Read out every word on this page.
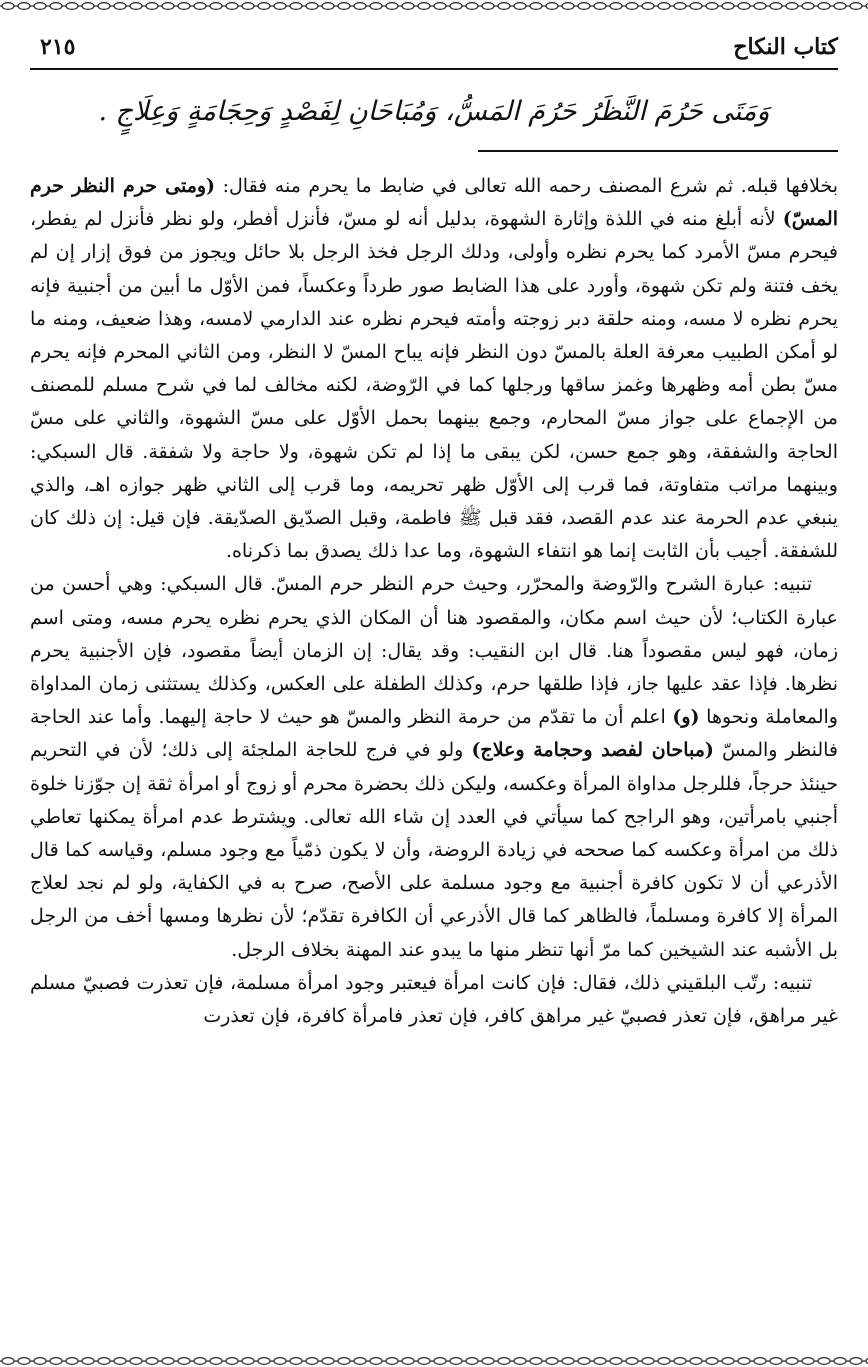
كتاب النكاح
٢١٥
وَمَتَى حَرُمَ النَّظَرُ حَرُمَ المَسُّ، وَمُبَاحَانِ لِفَصْدٍ وَحِجَامَةٍ وَعِلَاجٍ .

بخلافها قبله. ثم شرع المصنف رحمه الله تعالى في ضابط ما يحرم منه فقال: (ومتى حرم النظر حرم المسّ) لأنه أبلغ منه في اللذة وإثارة الشهوة، بدليل أنه لو مسّ، فأنزل أفطر، ولو نظر فأنزل لم يفطر، فيحرم مسّ الأمرد كما يحرم نظره وأولى، ودلك الرجل فخذ الرجل بلا حائل ويجوز من فوق إزار إن لم يخف فتنة ولم تكن شهوة، وأورد على هذا الضابط صور طرداً وعكساً، فمن الأوّل ما أبين من أجنبية فإنه يحرم نظره لا مسه، ومنه حلقة دبر زوجته وأمته فيحرم نظره عند الدارمي لامسه، وهذا ضعيف، ومنه ما لو أمكن الطبيب معرفة العلة بالمسّ دون النظر فإنه يباح المسّ لا النظر، ومن الثاني المحرم فإنه يحرم مسّ بطن أمه وظهرها وغمز ساقها ورجلها كما في الرّوضة، لكنه مخالف لما في شرح مسلم للمصنف من الإجماع على جواز مسّ المحارم، وجمع بينهما بحمل الأوّل على مسّ الشهوة، والثاني على مسّ الحاجة والشفقة، وهو جمع حسن، لكن يبقى ما إذا لم تكن شهوة، ولا حاجة ولا شفقة. قال السبكي: وبينهما مراتب متفاوتة، فما قرب إلى الأوّل ظهر تحريمه، وما قرب إلى الثاني ظهر جوازه اهـ، والذي ينبغي عدم الحرمة عند عدم القصد، فقد قبل ﷺ فاطمة، وقبل الصدّيق الصدّيقة. فإن قيل: إن ذلك كان للشفقة. أجيب بأن الثابت إنما هو انتفاء الشهوة، وما عدا ذلك يصدق بما ذكرناه.

تنبيه: عبارة الشرح والرّوضة والمحرّر، وحيث حرم النظر حرم المسّ. قال السبكي: وهي أحسن من عبارة الكتاب؛ لأن حيث اسم مكان، والمقصود هنا أن المكان الذي يحرم نظره يحرم مسه، ومتى اسم زمان، فهو ليس مقصوداً هنا. قال ابن النقيب: وقد يقال: إن الزمان أيضاً مقصود، فإن الأجنبية يحرم نظرها. فإذا عقد عليها جاز، فإذا طلقها حرم، وكذلك الطفلة على العكس، وكذلك يستثنى زمان المداواة والمعاملة ونحوها (و) اعلم أن ما تقدّم من حرمة النظر والمسّ هو حيث لا حاجة إليهما. وأما عند الحاجة فالنظر والمسّ (مباحان لفصد وحجامة وعلاج) ولو في فرج للحاجة الملجئة إلى ذلك؛ لأن في التحريم حينئذ حرجاً، فللرجل مداواة المرأة وعكسه، وليكن ذلك بحضرة محرم أو زوج أو امرأة ثقة إن جوّزنا خلوة أجنبي بامرأتين، وهو الراجح كما سيأتي في العدد إن شاء الله تعالى. ويشترط عدم امرأة يمكنها تعاطي ذلك من امرأة وعكسه كما صححه في زيادة الروضة، وأن لا يكون ذمّياً مع وجود مسلم، وقياسه كما قال الأذرعي أن لا تكون كافرة أجنبية مع وجود مسلمة على الأصح، صرح به في الكفاية، ولو لم نجد لعلاج المرأة إلا كافرة ومسلماً، فالظاهر كما قال الأذرعي أن الكافرة تقدّم؛ لأن نظرها ومسها أخف من الرجل بل الأشبه عند الشيخين كما مرّ أنها تنظر منها ما يبدو عند المهنة بخلاف الرجل.

تنبيه: رتّب البلقيني ذلك، فقال: فإن كانت امرأة فيعتبر وجود امرأة مسلمة، فإن تعذرت فصبيّ مسلم غير مراهق، فإن تعذر فصبيّ غير مراهق كافر، فإن تعذر فامرأة كافرة، فإن تعذرت
